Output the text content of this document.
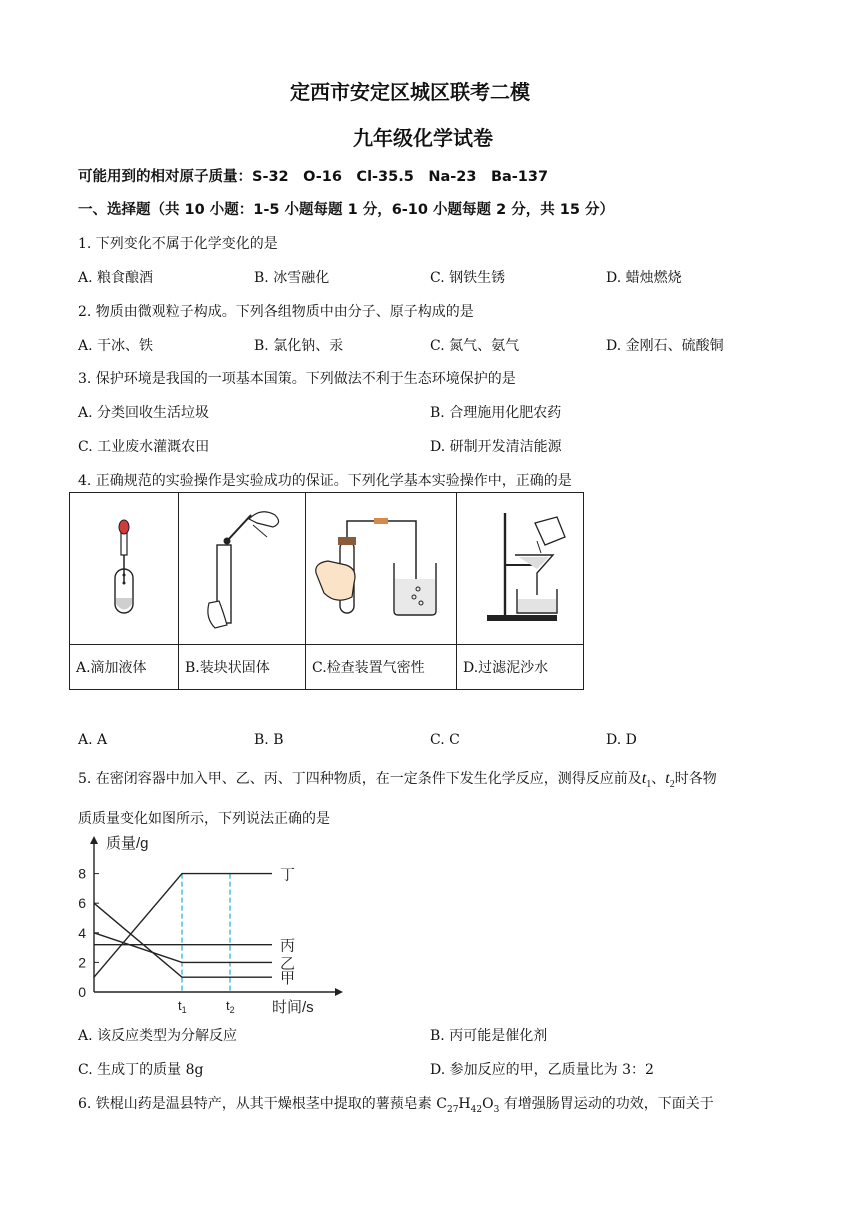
定西市安定区城区联考二模
九年级化学试卷
可能用到的相对原子质量：S-32　O-16　Cl-35.5　Na-23　Ba-137
一、选择题（共 10 小题：1-5 小题每题 1 分，6-10 小题每题 2 分，共 15 分）
1. 下列变化不属于化学变化的是
A. 粮食酿酒	B. 冰雪融化	C. 钢铁生锈	D. 蜡烛燃烧
2. 物质由微观粒子构成。下列各组物质中由分子、原子构成的是
A. 干冰、铁	B. 氯化钠、汞	C. 氮气、氨气	D. 金刚石、硫酸铜
3. 保护环境是我国的一项基本国策。下列做法不利于生态环境保护的是
A. 分类回收生活垃圾	B. 合理施用化肥农药
C. 工业废水灌溉农田	D. 研制开发清洁能源
4. 正确规范的实验操作是实验成功的保证。下列化学基本实验操作中，正确的是

A.滴加液体	B.装块状固体	C.检查装置气密性	D.过滤泥沙水
A. A	B. B	C. C	D. D
5. 在密闭容器中加入甲、乙、丙、丁四种物质，在一定条件下发生化学反应，测得反应前及$t_1$、$t_2$时各物
质质量变化如图所示，下列说法正确的是
质量/g
0
2
4
6
8
$t_1$	$t_2$ 时间/s
丁
丙
乙
甲
A. 该反应类型为分解反应	B. 丙可能是催化剂
C. 生成丁的质量 8g	D. 参加反应的甲，乙质量比为 3：2
6. 铁棍山药是温县特产，从其干燥根茎中提取的薯蓣皂素 $C_{27}H_{42}O_3$ 有增强肠胃运动的功效，下面关于
